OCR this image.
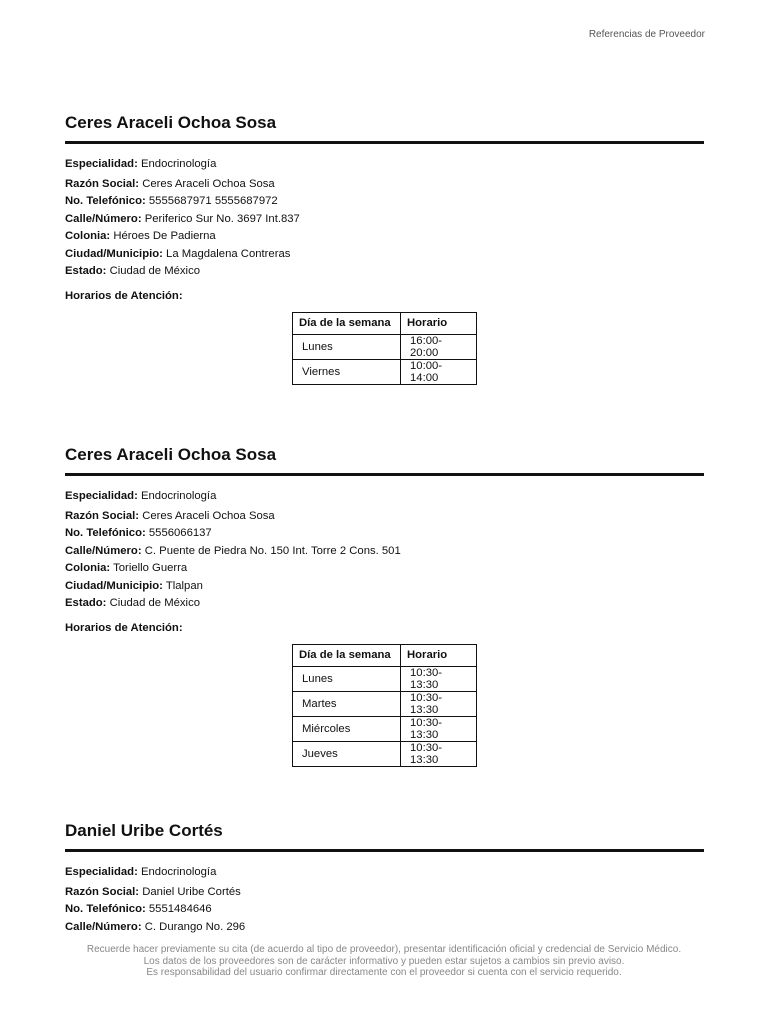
Referencias de Proveedor
Ceres Araceli Ochoa Sosa
Especialidad: Endocrinología
Razón Social: Ceres Araceli Ochoa Sosa
No. Telefónico: 5555687971 5555687972
Calle/Número: Periferico Sur No. 3697 Int.837
Colonia: Héroes De Padierna
Ciudad/Municipio: La Magdalena Contreras
Estado: Ciudad de México
Horarios de Atención:
Día de la semana	Horario
Lunes	16:00-20:00
Viernes	10:00-14:00
Ceres Araceli Ochoa Sosa
Especialidad: Endocrinología
Razón Social: Ceres Araceli Ochoa Sosa
No. Telefónico: 5556066137
Calle/Número: C. Puente de Piedra No. 150 Int. Torre 2 Cons. 501
Colonia: Toriello Guerra
Ciudad/Municipio: Tlalpan
Estado: Ciudad de México
Horarios de Atención:
Día de la semana	Horario
Lunes	10:30-13:30
Martes	10:30-13:30
Miércoles	10:30-13:30
Jueves	10:30-13:30
Daniel Uribe Cortés
Especialidad: Endocrinología
Razón Social: Daniel Uribe Cortés
No. Telefónico: 5551484646
Calle/Número: C. Durango No. 296
Recuerde hacer previamente su cita (de acuerdo al tipo de proveedor), presentar identificación oficial y credencial de Servicio Médico.
Los datos de los proveedores son de carácter informativo y pueden estar sujetos a cambios sin previo aviso.
Es responsabilidad del usuario confirmar directamente con el proveedor si cuenta con el servicio requerido.
